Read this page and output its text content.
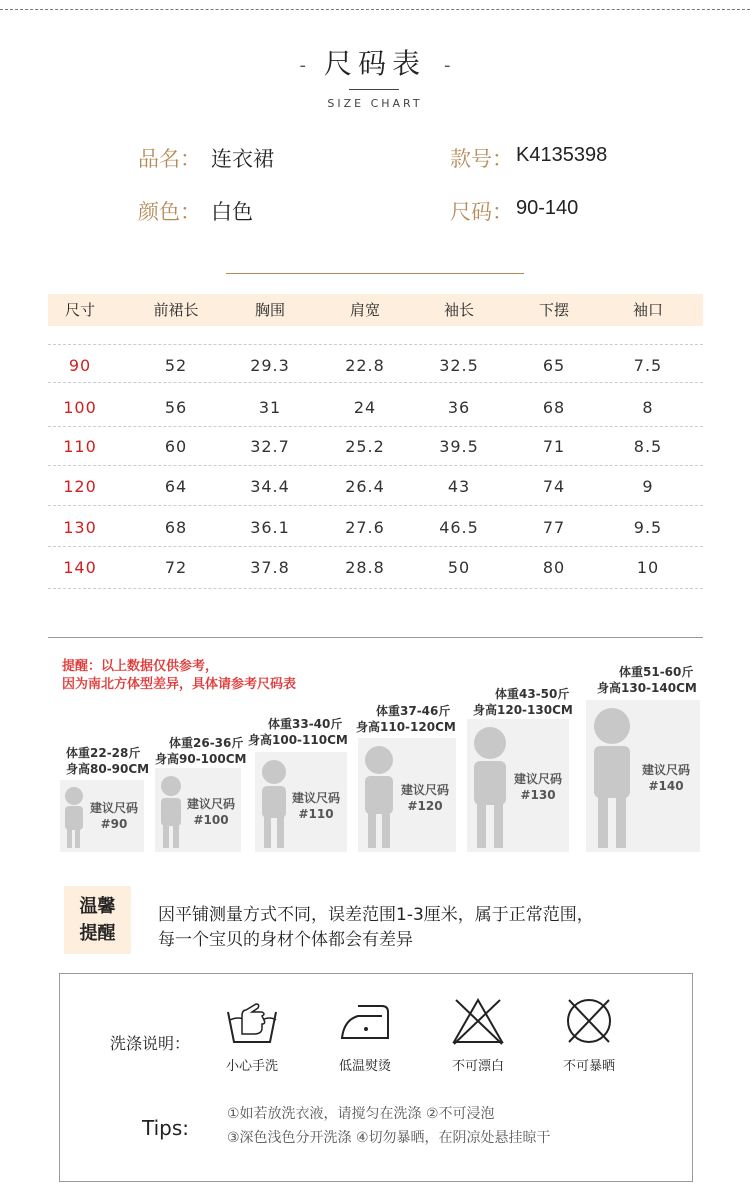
- 尺码表 -
SIZE CHART
品名： 连衣裙	款号： K4135398
颜色： 白色	尺码： 90-140
尺寸	前裙长	胸围	肩宽	袖长	下摆	袖口
90	52	29.3	22.8	32.5	65	7.5
100	56	31	24	36	68	8
110	60	32.7	25.2	39.5	71	8.5
120	64	34.4	26.4	43	74	9
130	68	36.1	27.6	46.5	77	9.5
140	72	37.8	28.8	50	80	10
提醒：以上数据仅供参考，
因为南北方体型差异，具体请参考尺码表
体重22-28斤
身高80-90CM
建议尺码
#90
体重26-36斤
身高90-100CM
建议尺码
#100
体重33-40斤
身高100-110CM
建议尺码
#110
体重37-46斤
身高110-120CM
建议尺码
#120
体重43-50斤
身高120-130CM
建议尺码
#130
体重51-60斤
身高130-140CM
建议尺码
#140
温馨
提醒
因平铺测量方式不同，误差范围1-3厘米，属于正常范围，
每一个宝贝的身材个体都会有差异
洗涤说明：
小心手洗	低温熨烫	不可漂白	不可暴晒
Tips:
①如若放洗衣液，请搅匀在洗涤 ②不可浸泡
③深色浅色分开洗涤 ④切勿暴晒，在阴凉处悬挂晾干
